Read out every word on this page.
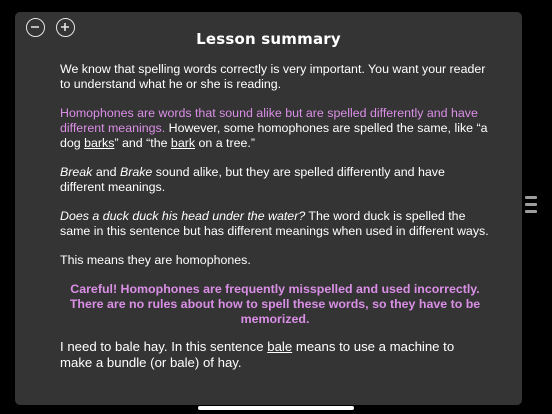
Lesson summary

We know that spelling words correctly is very important. You want your reader to understand what he or she is reading.

Homophones are words that sound alike but are spelled differently and have different meanings. However, some homophones are spelled the same, like “a dog barks” and “the bark on a tree.”

Break and Brake sound alike, but they are spelled differently and have different meanings.

Does a duck duck his head under the water? The word duck is spelled the same in this sentence but has different meanings when used in different ways.

This means they are homophones.

Careful! Homophones are frequently misspelled and used incorrectly. There are no rules about how to spell these words, so they have to be memorized.

I need to bale hay. In this sentence bale means to use a machine to make a bundle (or bale) of hay.
